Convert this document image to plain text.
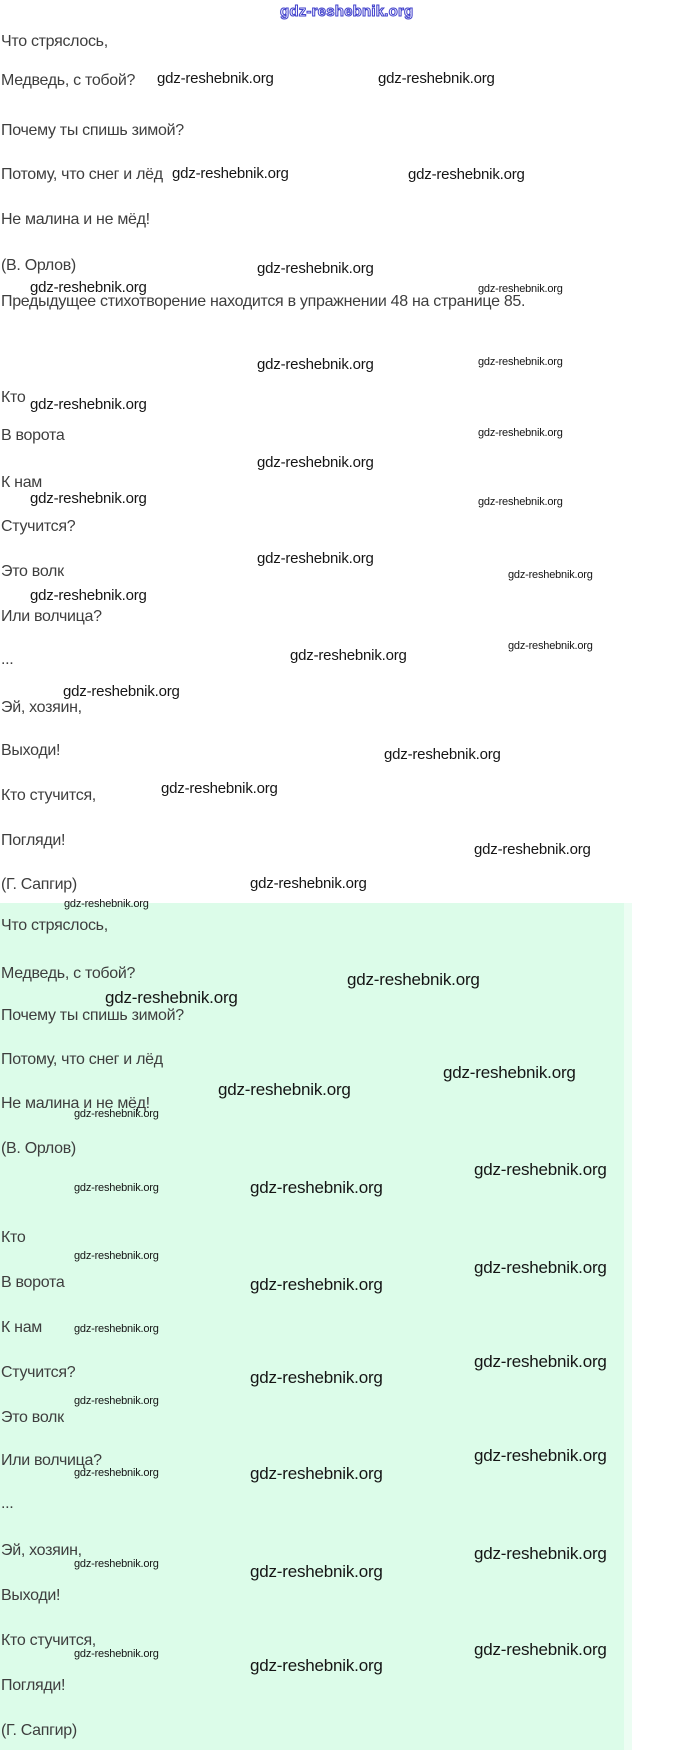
gdz-reshebnik.org
Что стряслось,
Медведь, с тобой?
Почему ты спишь зимой?
Потому, что снег и лёд
Не малина и не мёд!
(В. Орлов)
Предыдущее стихотворение находится в упражнении 48 на странице 85.
Кто
В ворота
К нам
Стучится?
Это волк
Или волчица?
...
Эй, хозяин,
Выходи!
Кто стучится,
Погляди!
(Г. Сапгир)
Что стряслось,
Медведь, с тобой?
Почему ты спишь зимой?
Потому, что снег и лёд
Не малина и не мёд!
(В. Орлов)
Кто
В ворота
К нам
Стучится?
Это волк
Или волчица?
...
Эй, хозяин,
Выходи!
Кто стучится,
Погляди!
(Г. Сапгир)
gdz-reshebnik.org	gdz-reshebnik.org
gdz-reshebnik.org	gdz-reshebnik.org
gdz-reshebnik.org
gdz-reshebnik.org
gdz-reshebnik.org
gdz-reshebnik.org
gdz-reshebnik.org
gdz-reshebnik.org
gdz-reshebnik.org
gdz-reshebnik.org
gdz-reshebnik.org
gdz-reshebnik.org
gdz-reshebnik.org
gdz-reshebnik.org
gdz-reshebnik.org
gdz-reshebnik.org
gdz-reshebnik.org
gdz-reshebnik.org
gdz-reshebnik.org
gdz-reshebnik.org
gdz-reshebnik.org
gdz-reshebnik.org
gdz-reshebnik.org
gdz-reshebnik.org
gdz-reshebnik.org
gdz-reshebnik.org
gdz-reshebnik.org
gdz-reshebnik.org
gdz-reshebnik.org
gdz-reshebnik.org
gdz-reshebnik.org
gdz-reshebnik.org
gdz-reshebnik.org
gdz-reshebnik.org
gdz-reshebnik.org
gdz-reshebnik.org
gdz-reshebnik.org
gdz-reshebnik.org
gdz-reshebnik.org
gdz-reshebnik.org
gdz-reshebnik.org
gdz-reshebnik.org
gdz-reshebnik.org
gdz-reshebnik.org
gdz-reshebnik.org
gdz-reshebnik.org
gdz-reshebnik.org
